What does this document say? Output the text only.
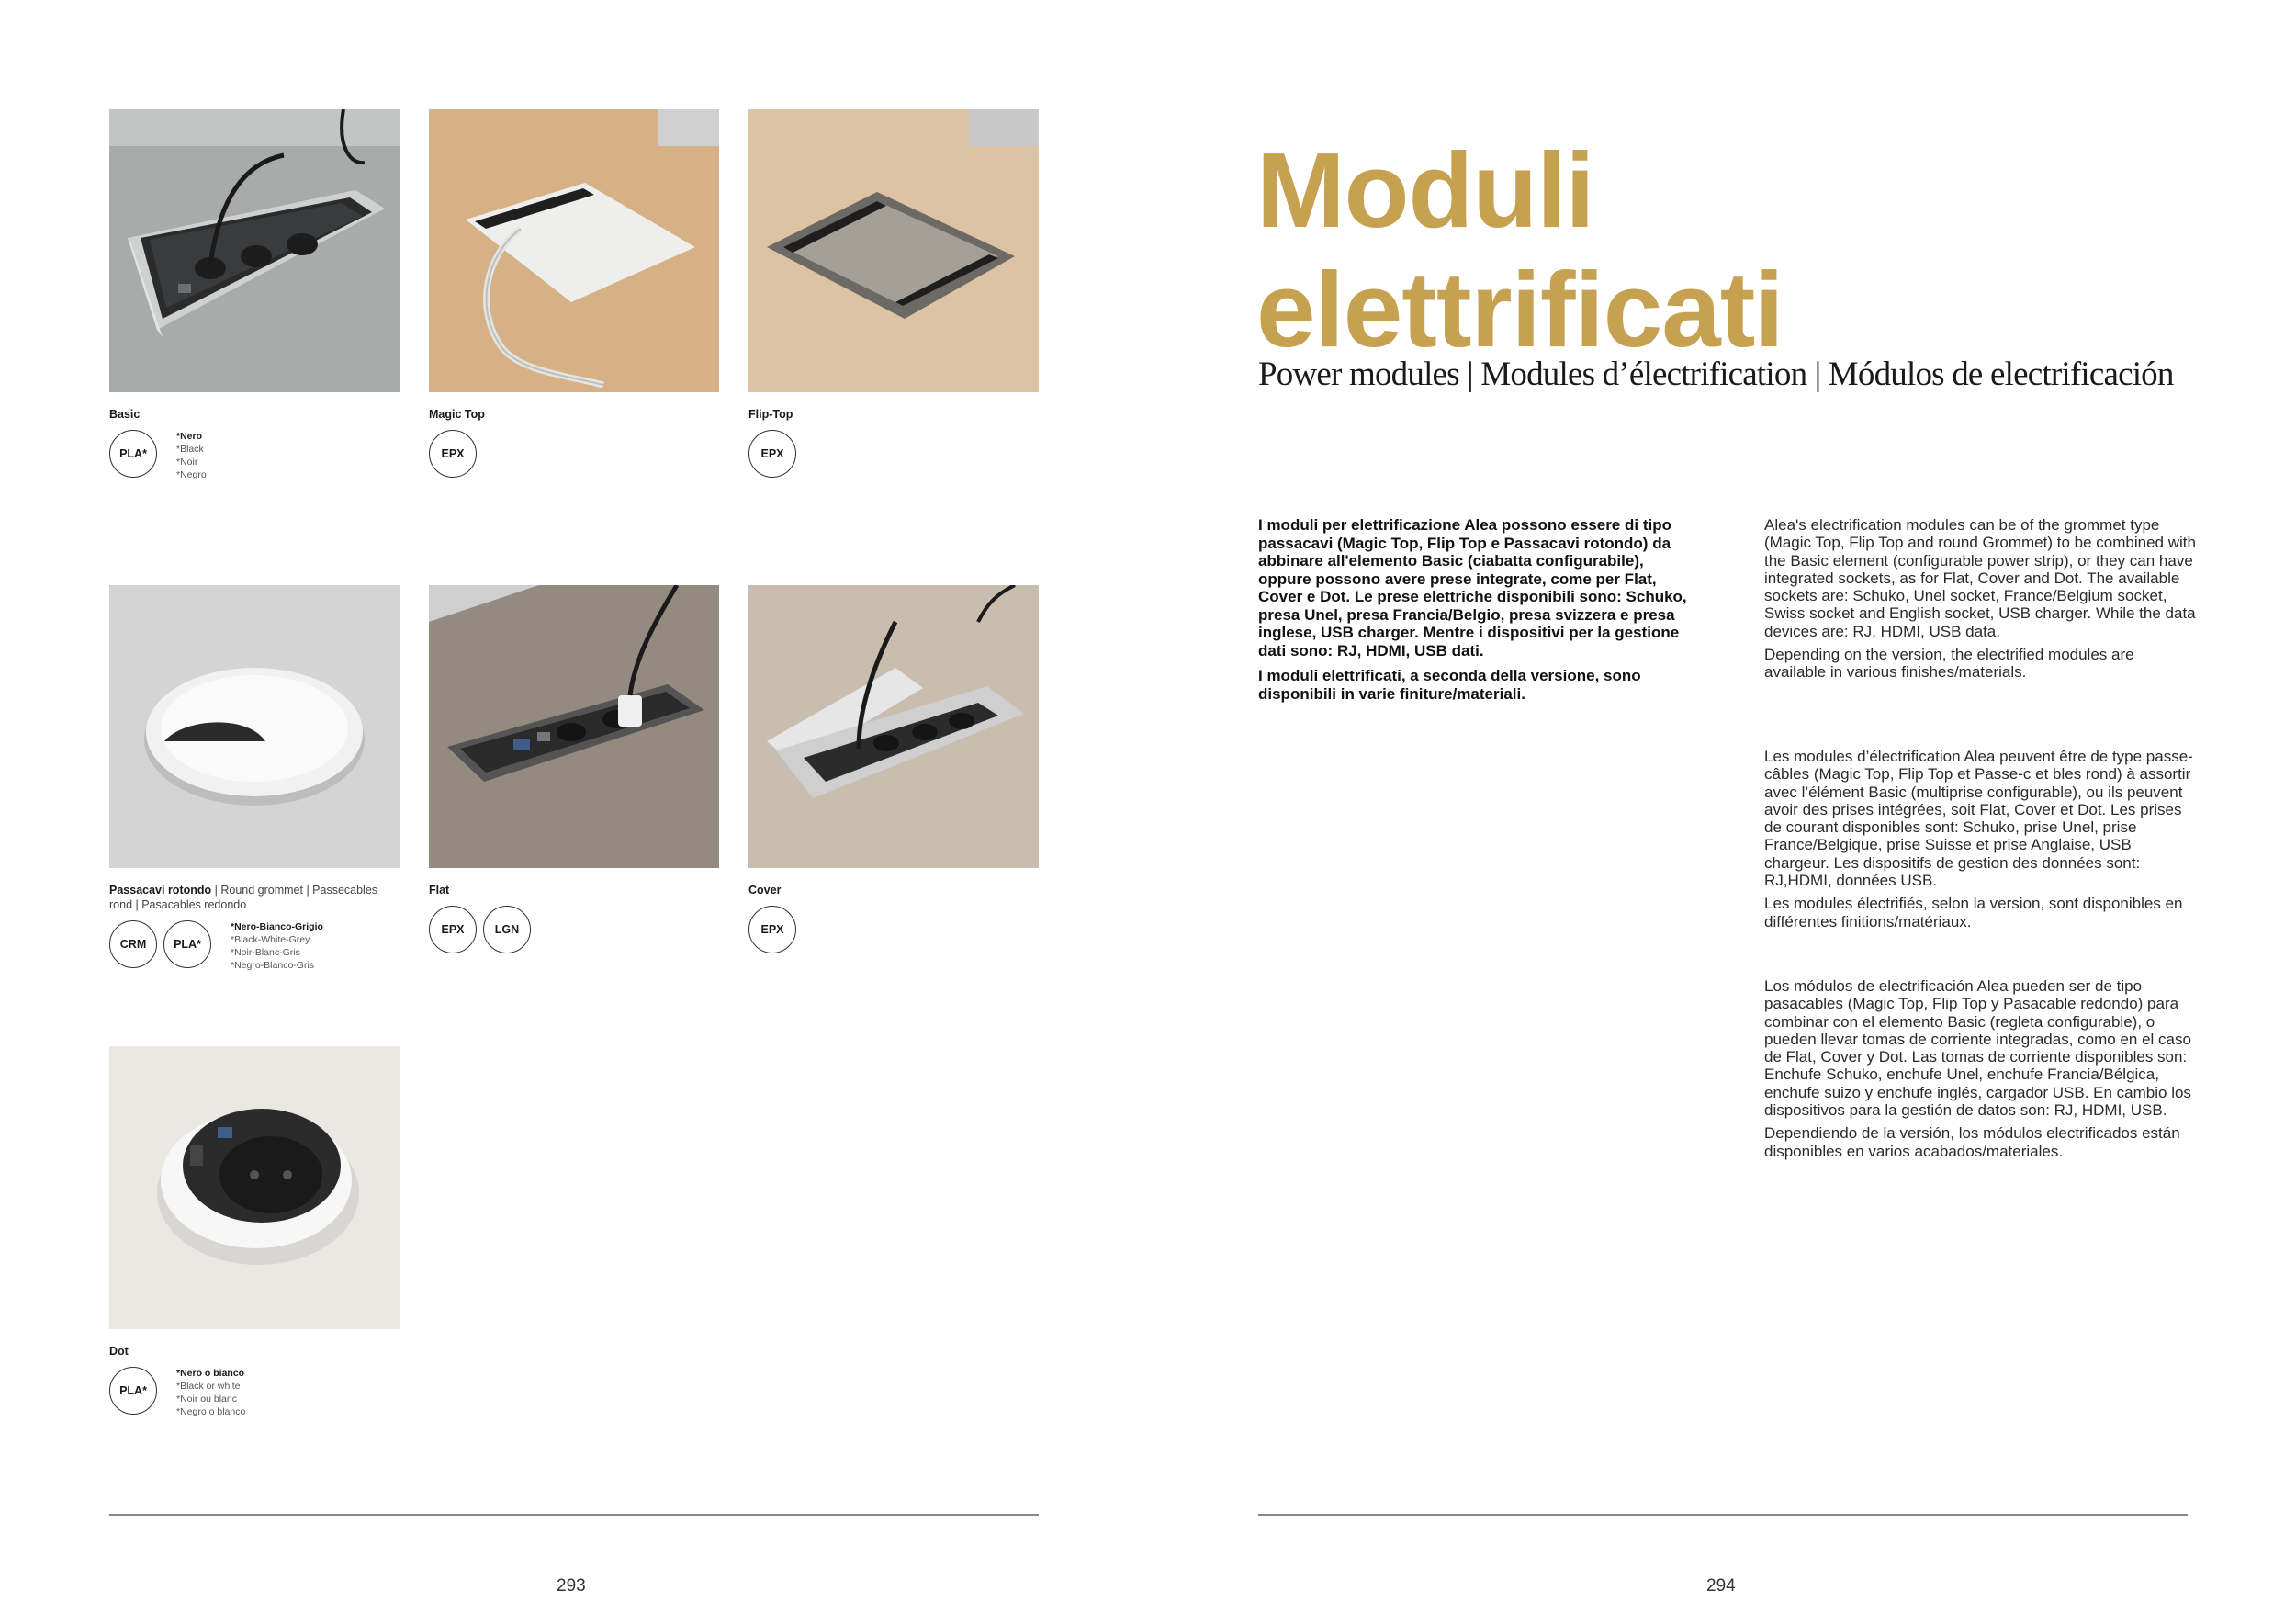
Basic
PLA*
*Nero
*Black
*Noir
*Negro
Magic Top
EPX
Flip-Top
EPX
Passacavi rotondo | Round grommet | Passecables rond | Pasacables redondo
CRM	PLA*
*Nero-Bianco-Grigio
*Black-White-Grey
*Noir-Blanc-Gris
*Negro-Blanco-Gris
Flat
EPX	LGN
Cover
EPX
Dot
PLA*
*Nero o bianco
*Black or white
*Noir ou blanc
*Negro o blanco
293
Moduli
elettrificati
Power modules | Modules d’électrification | Módulos de electrificación

I moduli per elettrificazione Alea possono essere di tipo passacavi (Magic Top, Flip Top e Passacavi rotondo) da abbinare all'elemento Basic (ciabatta configurabile), oppure possono avere prese integrate, come per Flat, Cover e Dot. Le prese elettriche disponibili sono: Schuko, presa Unel, presa Francia/Belgio, presa svizzera e presa inglese, USB charger. Mentre i dispositivi per la gestione dati sono: RJ, HDMI, USB dati.

I moduli elettrificati, a seconda della versione, sono disponibili in varie finiture/materiali.

Alea's electrification modules can be of the grommet type (Magic Top, Flip Top and round Grommet) to be combined with the Basic element (configurable power strip), or they can have integrated sockets, as for Flat, Cover and Dot. The available sockets are: Schuko, Unel socket, France/Belgium socket, Swiss socket and English socket, USB charger. While the data devices are: RJ, HDMI, USB data.

Depending on the version, the electrified modules are available in various finishes/materials.

Les modules d’électrification Alea peuvent être de type passe-câbles (Magic Top, Flip Top et Passe-c et bles rond) à assortir avec l’élément Basic (multiprise configurable), ou ils peuvent avoir des prises intégrées, soit Flat, Cover et Dot. Les prises de courant disponibles sont: Schuko, prise Unel, prise France/Belgique, prise Suisse et prise Anglaise, USB chargeur. Les dispositifs de gestion des données sont: RJ,HDMI, données USB.

Les modules électrifiés, selon la version, sont disponibles en différentes finitions/matériaux.

Los módulos de electrificación Alea pueden ser de tipo pasacables (Magic Top, Flip Top y Pasacable redondo) para combinar con el elemento Basic (regleta configurable), o pueden llevar tomas de corriente integradas, como en el caso de Flat, Cover y Dot. Las tomas de corriente disponibles son: Enchufe Schuko, enchufe Unel, enchufe Francia/Bélgica, enchufe suizo y enchufe inglés, cargador USB. En cambio los dispositivos para la gestión de datos son: RJ, HDMI, USB.

Dependiendo de la versión, los módulos electrificados están disponibles en varios acabados/materiales.

294
